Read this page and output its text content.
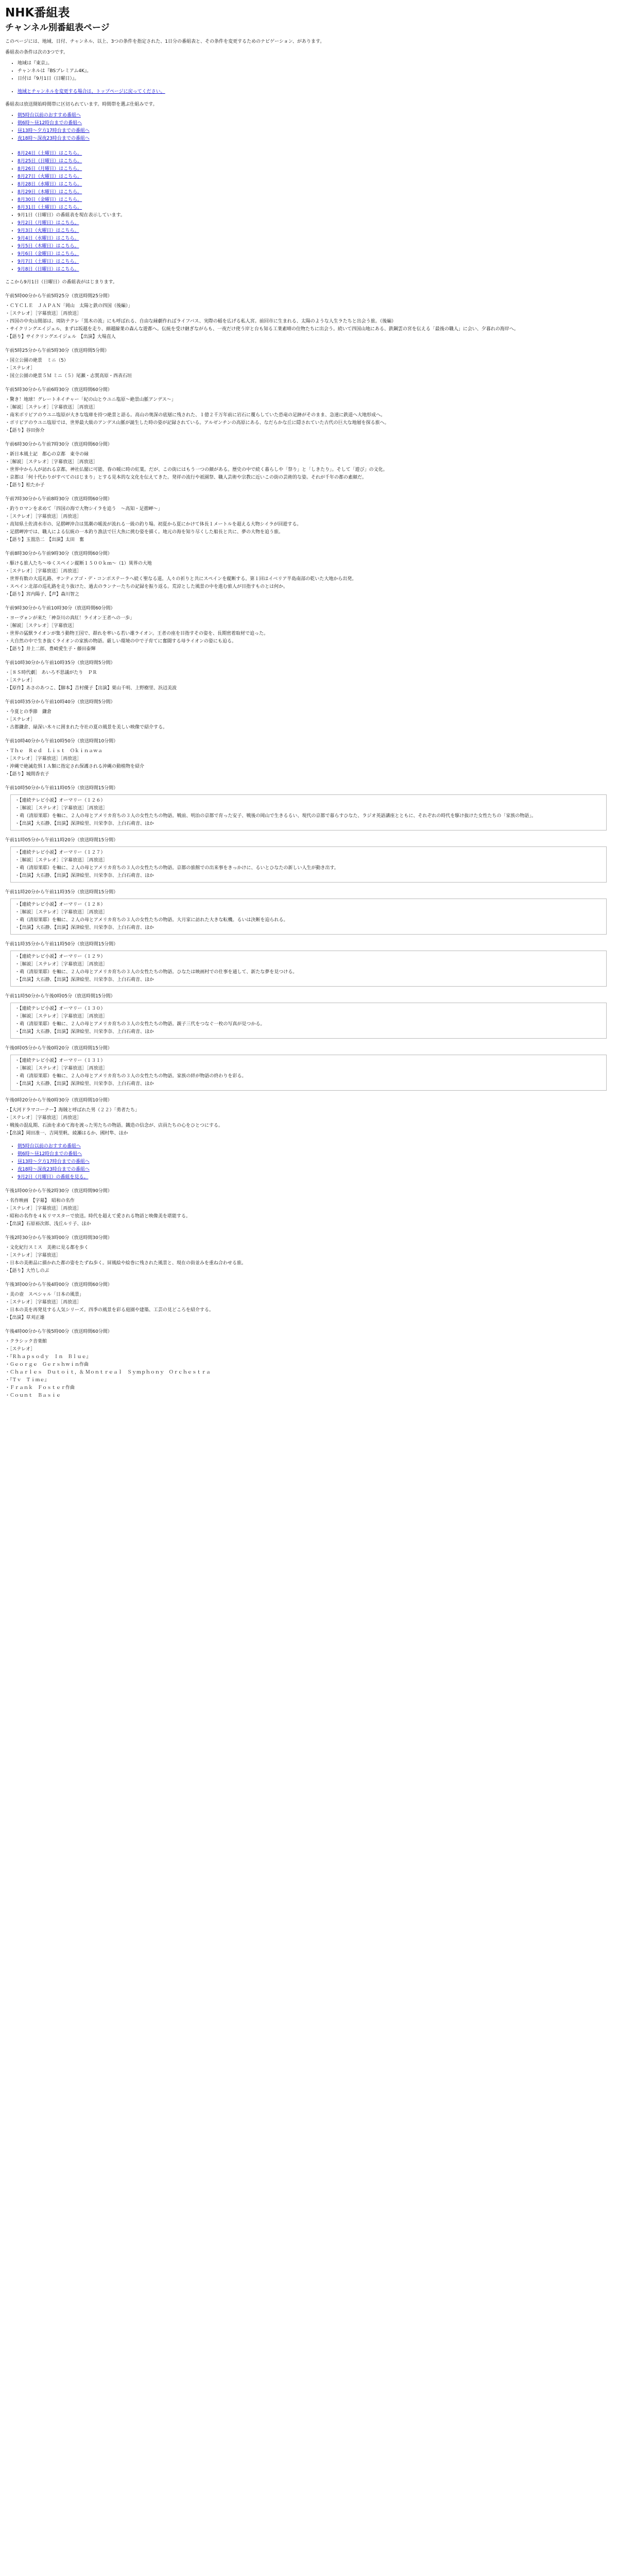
NHK番組表
チャンネル別番組表ページ

このページには、地域、日付、チャンネル、以上、3つの条件を指定された、1日分の番組表と、その条件を変更するためのナビゲーション、があります。

番組表の条件は次の3つです。

• 地域は『東京』。
• チャンネルは『BSプレミアム4K』。
• 日付は『9月1日（日曜日）』。
• 地域とチャンネルを変更する場合は、トップページに戻ってください。

番組表は放送開始時間帯に区切られています。時間帯を選ぶ仕組みです。

• 朝5時台以前のおすすめ番組へ
• 朝6時〜昼12時台までの番組へ
• 昼13時〜夕方17時台までの番組へ
• 夜18時〜深夜23時台までの番組へ
• 8月24日（土曜日）はこちら。
• 8月25日（日曜日）はこちら。
• 8月26日（月曜日）はこちら。
• 8月27日（火曜日）はこちら。
• 8月28日（水曜日）はこちら。
• 8月29日（木曜日）はこちら。
• 8月30日（金曜日）はこちら。
• 8月31日（土曜日）はこちら。
• 9月1日（日曜日）の番組表を現在表示しています。
• 9月2日（月曜日）はこちら。
• 9月3日（火曜日）はこちら。
• 9月4日（水曜日）はこちら。
• 9月5日（木曜日）はこちら。
• 9月6日（金曜日）はこちら。
• 9月7日（土曜日）はこちら。
• 9月8日（日曜日）はこちら。

ここから9月1日（日曜日）の番組表がはじまります。

午前5時00分から午前5時25分（放送時間25分間）
・ＣＹＣＬＥ　ＪＡＰＡＮ「岡山　太陽と鉄の四国（後編）」
・［ステレオ］［字幕放送］［再放送］
・四国の中央山間部は、周防テクレ「黒木の流」にも呼ばれる、自由な縁劇作ればライフバス、実際の稲を広げる私人宮。前回市に生まれる、太陽のような人生ラたちと出会う旅。（後編）
・サイクリングエイジェル、まずは坂越を走り、細越線業の森んな遊都へ。伝統を受け継ぎながらも、一夜だけ使う岸と台も知る工業素晴の住物たちに出会う。続いて四国山地にある、鉄鋼雲の宮を伝える「最後の職人」に会い、夕暮れの海岸へ。
・【語り】サイクリングエイジェル　【出演】大場直人
午前5時25分から午前5時30分（放送時間5分間）
・国立公園の絶景　ミニ（5）
・［ステレオ］
・国立公園の絶景５Ｍ ミニ（５）尾瀬・志賀高原・西表石垣
午前5時30分から午前6時30分（放送時間60分間）
・驚き！地球！グレートネイチャー「紀の山とウユニ塩原〜絶景山脈アンデス〜」
・［解説］［ステレオ］［字幕放送］［再放送］
・南米ボリビアのウユニ塩原が大きな塩庫を持つ絶景と語る。高山の奥深の底層に残された、１億２千万年前に岩石に覆らしていた恐竜の足跡がそのまま、急速に鉄道へ大地形成へ。
・ボリビアのウユニ塩原では、世界最大級のアンデス山脈が誕生した時の姿が記録されている。アルゼンチンの高原にある、なだらかな丘に隠されていた古代の巨大な地層を探る旅へ。
・【語り】谷田弥介
午前6時30分から午前7時30分（放送時間60分間）
・新日本風土記　都心の京都　東寺の縁
・［解説］［ステレオ］［字幕放送］［再放送］
・世界中から人が訪れる京都。神社仏閣に可能、春の暖に時の紅葉。だが、この街にはもう一つの顔がある。歴史の中で続く暮らしや「祭り」と「しきたり」。そして「遊び」の文化。
・京都は「何十代わりがすべてのはじまり」とする見本的な文化を伝えてきた。発祥の流行や祇園祭、職人芸術や宗教に近いこの街の芸術的な姿。それが千年の都の素顔だ。
・【語り】松たか子
午前7時30分から午前8時30分（放送時間60分間）
・釣りロマンを求めて「四国の海で大物シイラを追う　〜高知・足摺岬〜」
・［ステレオ］［字幕放送］［再放送］
・高知県土佐清水市の、足摺岬沖合は黒潮の暖流が流れる一級の釣り場。初夏から夏にかけて体長１メートルを超える大物シイラが回遊する。
・足摺岬沖では、職人による伝統の一本釣り漁法で巨大魚に挑む姿を描く。地元の海を知り尽くした船長と共に、夢の大物を追う旅。
・【語り】玉置浩二　【出演】太田　奮
午前8時30分から午前9時30分（放送時間60分間）
・駆ける旅人たち〜ゆくスペイン縦断１５００ｋｍ〜（1）異界の大地
・［ステレオ］［字幕放送］［再放送］
・世界有数の大巡礼路、サンティアゴ・デ・コンポステーラへ続く聖なる道。人々の祈りと共にスペインを縦断する。第１回はイベリア半島南部の乾いた大地から出発。
・スペイン北部の巡礼路を走り抜けた、過去のランナーたちの記録を振り返る。荒涼とした風景の中を進む旅人が目指すものとは何か。
・【語り】宮内陽子、【声】森川智之
午前9時30分から午前10時30分（放送時間60分間）
・ヨーヴォンが来た「神奈川の真紅！ライオン王者への一歩」
・［解説］［ステレオ］［字幕放送］
・世界の猛獣ライオンが集う動物王国で、群れを率いる若い雄ライオン。王者の座を目指すその姿を、長期密着取材で追った。
・大自然の中で生き抜くライオンの家族の物語。厳しい環境の中で子育てに奮闘する母ライオンの姿にも迫る。
・【語り】井上二郎、豊崎愛生子・藤田泰輝
午前10時30分から午前10時35分（放送時間5分間）
・［８Ｓ時代劇］ あいろ不思議がたり　ＰＲ
・［ステレオ］
・【原作】あさのあつこ、【脚本】吉村優子【出演】栗山千明、上野樹里、浜辺美波
午前10時35分から午前10時40分（放送時間5分間）
・今夏との季節　鎌倉
・［ステレオ］
・古都鎌倉、緑深い木々に囲まれた寺社の夏の風景を美しい映像で紹介する。
午前10時40分から午前10時50分（放送時間10分間）
・Ｔｈｅ　Ｒｅｄ　Ｌｉｓｔ　Ｏｋｉｎａｗａ
・［ステレオ］［字幕放送］［再放送］
・沖縄で絶滅危惧ＩＡ類に指定され保護される沖縄の動植物を紹介
・【語り】城間香衣子
午前10時50分から午前11時05分（放送時間15分間）
・【連続テレビ小説】オーマリー（１２６）
・［解説］［ステレオ］［字幕放送］［再放送］
・萌（清原果耶）を軸に、２人の母とアメリカ育ちの３人の女性たちの物語。戦前、明治の京都で育った安子、戦後の岡山で生きるるい、現代の京都で暮らすひなた、ラジオ英語講座とともに、それぞれの時代を駆け抜けた女性たちの「家族の物語」。
・【出演】大石静、【出演】深津絵里、川栄李奈、上白石萌音、ほか
午前11時05分から午前11時20分（放送時間15分間）
・【連続テレビ小説】オーマリー（１２７）
・［解説］［ステレオ］［字幕放送］［再放送］
・萌（清原果耶）を軸に、２人の母とアメリカ育ちの３人の女性たちの物語。京都の旅館での出来事をきっかけに、るいとひなたの新しい人生が動き出す。
・【出演】大石静、【出演】深津絵里、川栄李奈、上白石萌音、ほか
午前11時20分から午前11時35分（放送時間15分間）
・【連続テレビ小説】オーマリー（１２８）
・［解説］［ステレオ］［字幕放送］［再放送］
・萌（清原果耶）を軸に、２人の母とアメリカ育ちの３人の女性たちの物語。大月家に訪れた大きな転機。るいは決断を迫られる。
・【出演】大石静、【出演】深津絵里、川栄李奈、上白石萌音、ほか
午前11時35分から午前11時50分（放送時間15分間）
・【連続テレビ小説】オーマリー（１２９）
・［解説］［ステレオ］［字幕放送］［再放送］
・萌（清原果耶）を軸に、２人の母とアメリカ育ちの３人の女性たちの物語。ひなたは映画村での仕事を通して、新たな夢を見つける。
・【出演】大石静、【出演】深津絵里、川栄李奈、上白石萌音、ほか
午前11時50分から午後0時05分（放送時間15分間）
・【連続テレビ小説】オーマリー（１３０）
・［解説］［ステレオ］［字幕放送］［再放送］
・萌（清原果耶）を軸に、２人の母とアメリカ育ちの３人の女性たちの物語。親子三代をつなぐ一枚の写真が見つかる。
・【出演】大石静、【出演】深津絵里、川栄李奈、上白石萌音、ほか
午後0時05分から午後0時20分（放送時間15分間）
・【連続テレビ小説】オーマリー（１３１）
・［解説］［ステレオ］［字幕放送］［再放送］
・萌（清原果耶）を軸に、２人の母とアメリカ育ちの３人の女性たちの物語。家族の絆が物語の終わりを彩る。
・【出演】大石静、【出演】深津絵里、川栄李奈、上白石萌音、ほか
午後0時20分から午後0時30分（放送時間10分間）
・【大河ドラマコーナー】海賊と呼ばれた男（２２）「勇者たち」
・［ステレオ］［字幕放送］［再放送］
・戦後の混乱期、石油を求めて海を渡った男たちの物語。鐵造の信念が、店員たちの心をひとつにする。
・【出演】岡田准一、吉岡里帆、綾瀬はるか、國村隼、ほか
• 朝5時台以前のおすすめ番組へ
• 朝6時〜昼12時台までの番組へ
• 昼13時〜夕方17時台までの番組へ
• 夜18時〜深夜23時台までの番組へ
• 9月2日（月曜日）の番組を見る。
午後1時00分から午後2時30分（放送時間90分間）
・名作映画　【字幕】　昭和の名作
・［ステレオ］［字幕放送］［再放送］
・昭和の名作を４Ｋリマスターで放送。時代を超えて愛される物語と映像美を堪能する。
・【出演】石原裕次郎、浅丘ルリ子、ほか
午後2時30分から午後3時00分（放送時間30分間）
・文化紀行スミス　美術に見る都を歩く
・［ステレオ］［字幕放送］
・日本の美術品に描かれた都の姿をたずね歩く。屏風絵や絵巻に残された風景と、現在の街並みを重ね合わせる旅。
・【語り】大竹しのぶ
午後3時00分から午後4時00分（放送時間60分間）
・美の壺　スペシャル「日本の風景」
・［ステレオ］［字幕放送］［再放送］
・日本の美を再発見する人気シリーズ。四季の風景を彩る庭園や建築、工芸の見どころを紹介する。
・【出演】草刈正雄
午後4時00分から午後5時00分（放送時間60分間）
・クラシック音楽館
・［ステレオ］
・『Ｒｈａｐｓｏｄｙ　Ｉｎ　Ｂｌｕｅ』
・Ｇｅｏｒｇｅ　Ｇｅｒｓｈｗｉｎ作曲
・Ｃｈａｒｌｅｓ　Ｄｕｔｏｉｔ，＆ Ｍｏｎｔｒｅａｌ　Ｓｙｍｐｈｏｎｙ　Ｏｒｃｈｅｓｔｒａ
・『Ｔｖ　Ｔｉｍｅ』
・Ｆｒａｎｋ　Ｆｏｓｔｅｒ作曲
・Ｃｏｕｎｔ　Ｂａｓｉｅ
